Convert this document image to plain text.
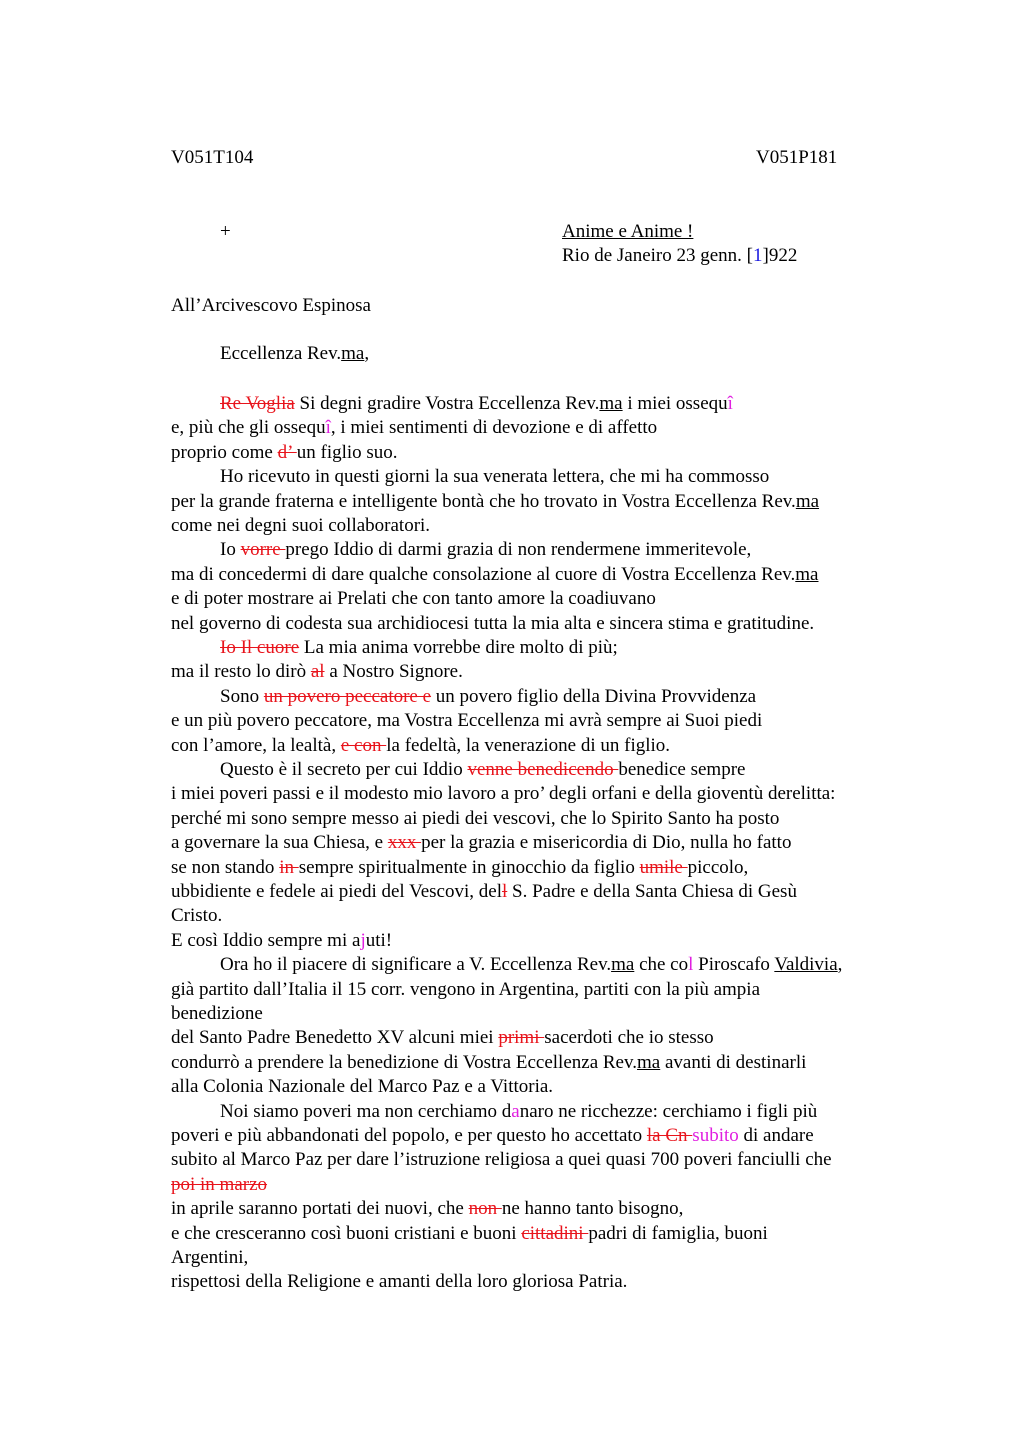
V051T104	V051P181
+	Anime e Anime !
Rio de Janeiro 23 genn. [1]922
All’Arcivescovo Espinosa
Eccellenza Rev.ma,
Re Voglia Si degni gradire Vostra Eccellenza Rev.ma i miei ossequî
e, più che gli ossequî, i miei sentimenti di devozione e di affetto
proprio come d’ un figlio suo.
Ho ricevuto in questi giorni la sua venerata lettera, che mi ha commosso
per la grande fraterna e intelligente bontà che ho trovato in Vostra Eccellenza Rev.ma
come nei degni suoi collaboratori.
Io vorre prego Iddio di darmi grazia di non rendermene immeritevole,
ma di concedermi di dare qualche consolazione al cuore di Vostra Eccellenza Rev.ma
e di poter mostrare ai Prelati che con tanto amore la coadiuvano
nel governo di codesta sua archidiocesi tutta la mia alta e sincera stima e gratitudine.
Io Il cuore La mia anima vorrebbe dire molto di più;
ma il resto lo dirò al a Nostro Signore.
Sono un povero peccatore e un povero figlio della Divina Provvidenza
e un più povero peccatore, ma Vostra Eccellenza mi avrà sempre ai Suoi piedi
con l’amore, la lealtà, e con la fedeltà, la venerazione di un figlio.
Questo è il secreto per cui Iddio venne benedicendo benedice sempre
i miei poveri passi e il modesto mio lavoro a pro’ degli orfani e della gioventù derelitta:
perché mi sono sempre messo ai piedi dei vescovi, che lo Spirito Santo ha posto
a governare la sua Chiesa, e xxx per la grazia e misericordia di Dio, nulla ho fatto
se non stando in sempre spiritualmente in ginocchio da figlio umile piccolo,
ubbidiente e fedele ai piedi del Vescovi, dell S. Padre e della Santa Chiesa di Gesù
Cristo.
E così Iddio sempre mi ajuti!
Ora ho il piacere di significare a V. Eccellenza Rev.ma che col Piroscafo Valdivia,
già partito dall’Italia il 15 corr. vengono in Argentina, partiti con la più ampia
benedizione
del Santo Padre Benedetto XV alcuni miei primi sacerdoti che io stesso
condurrò a prendere la benedizione di Vostra Eccellenza Rev.ma avanti di destinarli
alla Colonia Nazionale del Marco Paz e a Vittoria.
Noi siamo poveri ma non cerchiamo danaro ne ricchezze: cerchiamo i figli più
poveri e più abbandonati del popolo, e per questo ho accettato la Cn subito di andare
subito al Marco Paz per dare l’istruzione religiosa a quei quasi 700 poveri fanciulli che
poi in marzo
in aprile saranno portati dei nuovi, che non ne hanno tanto bisogno,
e che cresceranno così buoni cristiani e buoni cittadini padri di famiglia, buoni
Argentini,
rispettosi della Religione e amanti della loro gloriosa Patria.
